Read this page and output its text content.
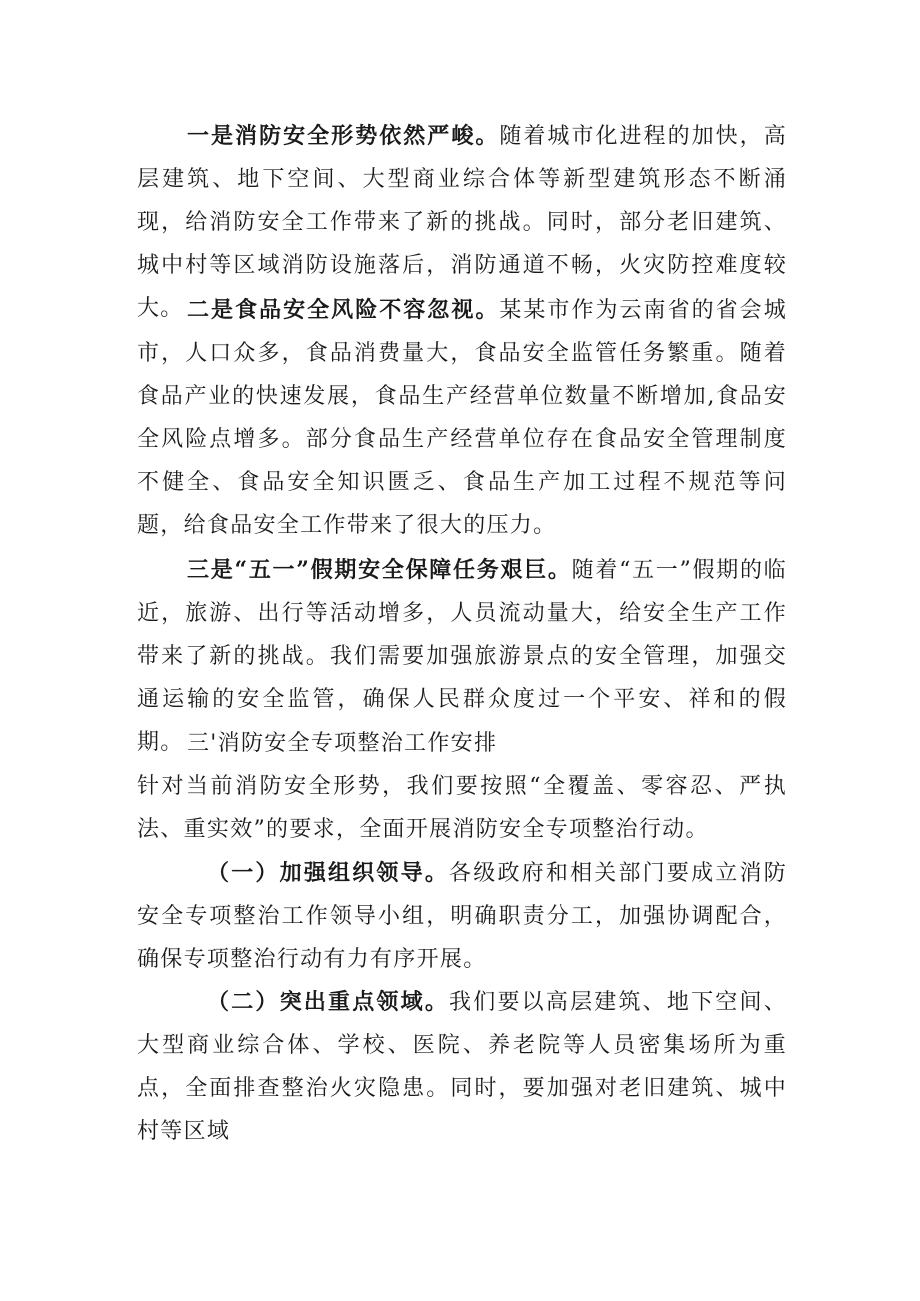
一是消防安全形势依然严峻。随着城市化进程的加快，高层建筑、地下空间、大型商业综合体等新型建筑形态不断涌现，给消防安全工作带来了新的挑战。同时，部分老旧建筑、城中村等区域消防设施落后，消防通道不畅，火灾防控难度较大。 二是食品安全风险不容忽视。某某市作为云南省的省会城市，人口众多，食品消费量大，食品安全监管任务繁重。随着食品产业的快速发展，食品生产经营单位数量不断增加,食品安全风险点增多。部分食品生产经营单位存在食品安全管理制度不健全、食品安全知识匮乏、食品生产加工过程不规范等问题，给食品安全工作带来了很大的压力。

三是“五一”假期安全保障任务艰巨。随着“五一”假期的临近，旅游、出行等活动增多，人员流动量大，给安全生产工作带来了新的挑战。我们需要加强旅游景点的安全管理，加强交通运输的安全监管，确保人民群众度过一个平安、祥和的假期。 三'消防安全专项整治工作安排

针对当前消防安全形势，我们要按照“全覆盖、零容忍、严执法、重实效”的要求，全面开展消防安全专项整治行动。

（一）加强组织领导。各级政府和相关部门要成立消防安全专项整治工作领导小组，明确职责分工，加强协调配合，确保专项整治行动有力有序开展。

（二）突出重点领域。我们要以高层建筑、地下空间、大型商业综合体、学校、医院、养老院等人员密集场所为重点，全面排查整治火灾隐患。同时，要加强对老旧建筑、城中村等区域
